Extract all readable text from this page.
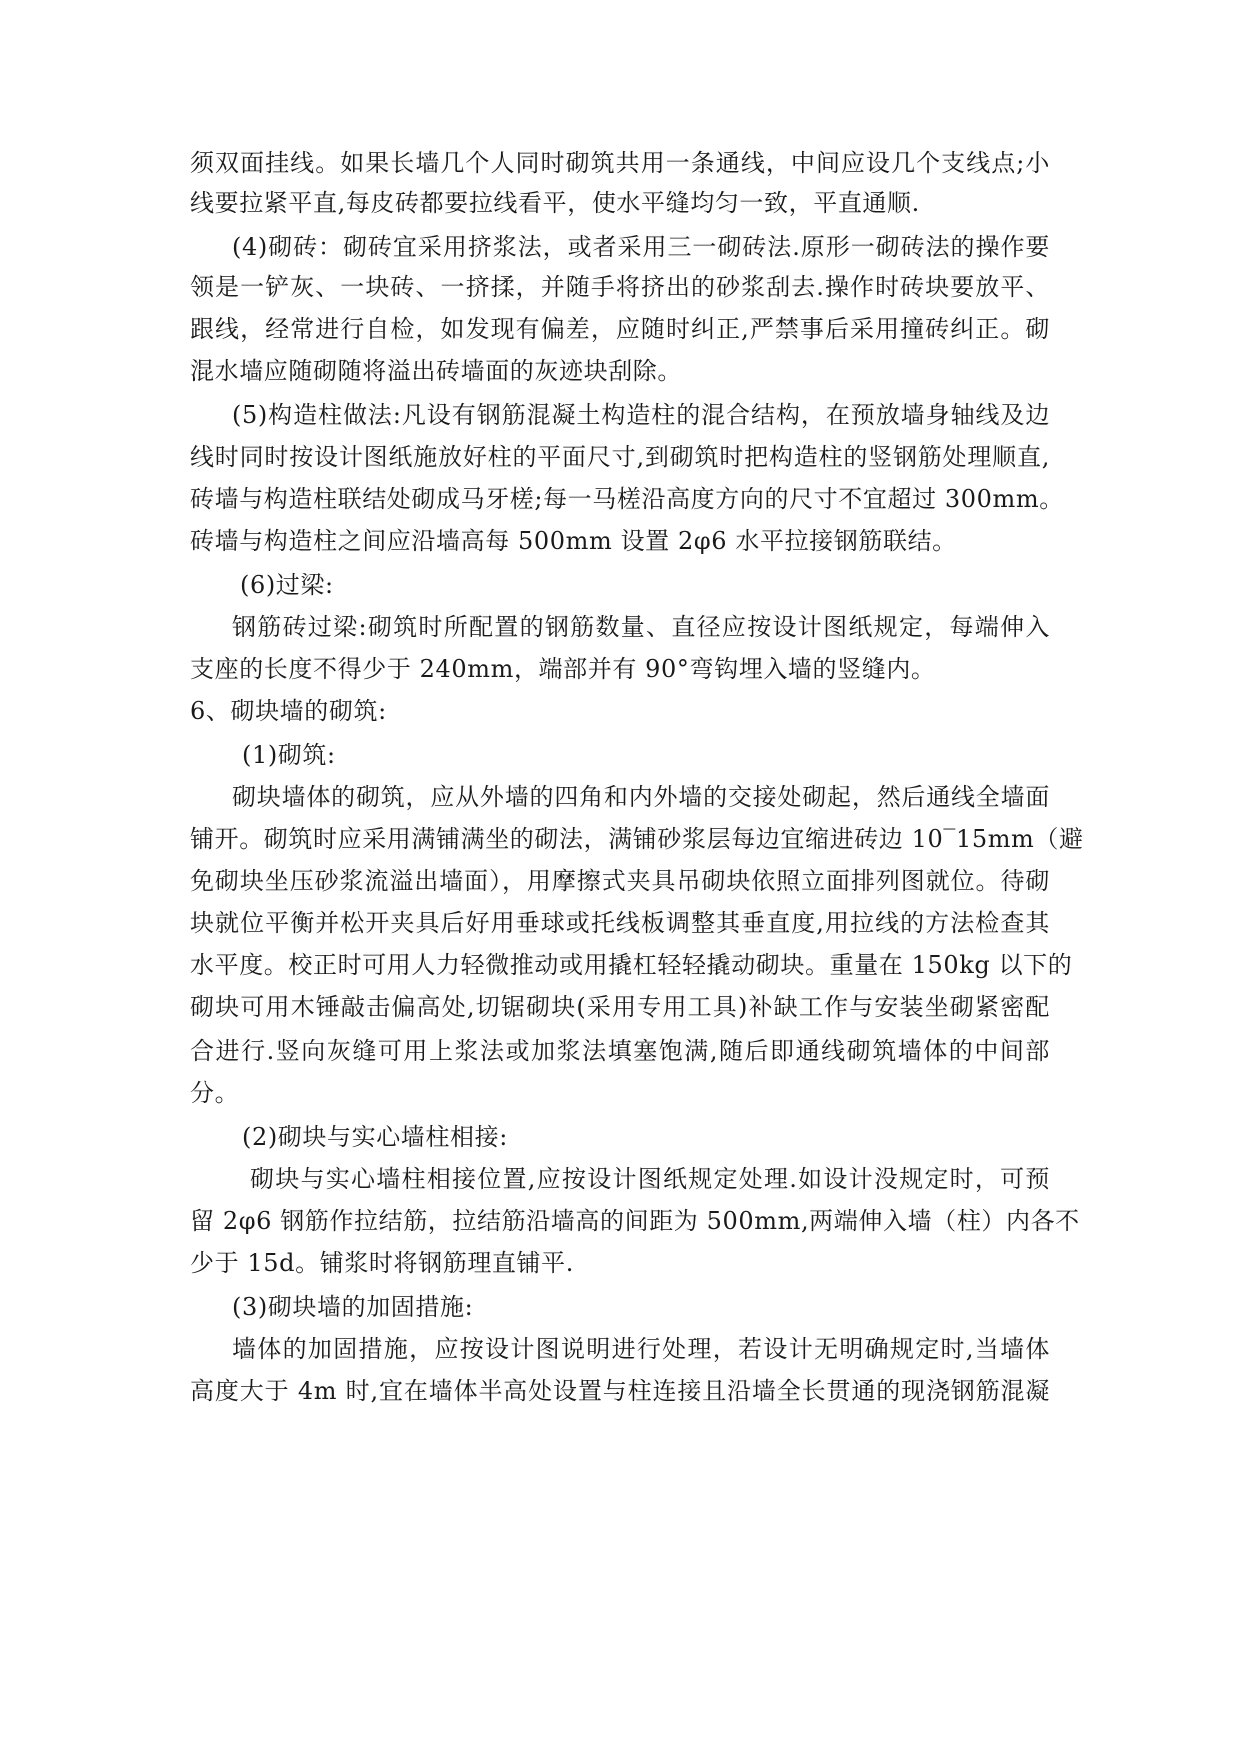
须双面挂线。如果长墙几个人同时砌筑共用一条通线，中间应设几个支线点;小
线要拉紧平直,每皮砖都要拉线看平，使水平缝均匀一致，平直通顺.
(4)砌砖：砌砖宜采用挤浆法，或者采用三一砌砖法.原形一砌砖法的操作要
领是一铲灰、一块砖、一挤揉，并随手将挤出的砂浆刮去.操作时砖块要放平、
跟线，经常进行自检，如发现有偏差，应随时纠正,严禁事后采用撞砖纠正。砌
混水墙应随砌随将溢出砖墙面的灰迹块刮除。
(5)构造柱做法:凡设有钢筋混凝土构造柱的混合结构，在预放墙身轴线及边
线时同时按设计图纸施放好柱的平面尺寸,到砌筑时把构造柱的竖钢筋处理顺直,
砖墙与构造柱联结处砌成马牙槎;每一马槎沿高度方向的尺寸不宜超过 300mm。
砖墙与构造柱之间应沿墙高每 500mm 设置 2φ6 水平拉接钢筋联结。
(6)过梁:
钢筋砖过梁:砌筑时所配置的钢筋数量、直径应按设计图纸规定，每端伸入
支座的长度不得少于 240mm，端部并有 90°弯钩埋入墙的竖缝内。
6、砌块墙的砌筑:
(1)砌筑:
砌块墙体的砌筑，应从外墙的四角和内外墙的交接处砌起，然后通线全墙面
铺开。砌筑时应采用满铺满坐的砌法，满铺砂浆层每边宜缩进砖边 10‾15mm（避
免砌块坐压砂浆流溢出墙面），用摩擦式夹具吊砌块依照立面排列图就位。待砌
块就位平衡并松开夹具后好用垂球或托线板调整其垂直度,用拉线的方法检查其
水平度。校正时可用人力轻微推动或用撬杠轻轻撬动砌块。重量在 150kg 以下的
砌块可用木锤敲击偏高处,切锯砌块(采用专用工具)补缺工作与安装坐砌紧密配
合进行.竖向灰缝可用上浆法或加浆法填塞饱满,随后即通线砌筑墙体的中间部
分。
(2)砌块与实心墙柱相接:
砌块与实心墙柱相接位置,应按设计图纸规定处理.如设计没规定时，可预
留 2φ6 钢筋作拉结筋，拉结筋沿墙高的间距为 500mm,两端伸入墙（柱）内各不
少于 15d。铺浆时将钢筋理直铺平.
(3)砌块墙的加固措施:
墙体的加固措施，应按设计图说明进行处理，若设计无明确规定时,当墙体
高度大于 4m 时,宜在墙体半高处设置与柱连接且沿墙全长贯通的现浇钢筋混凝
